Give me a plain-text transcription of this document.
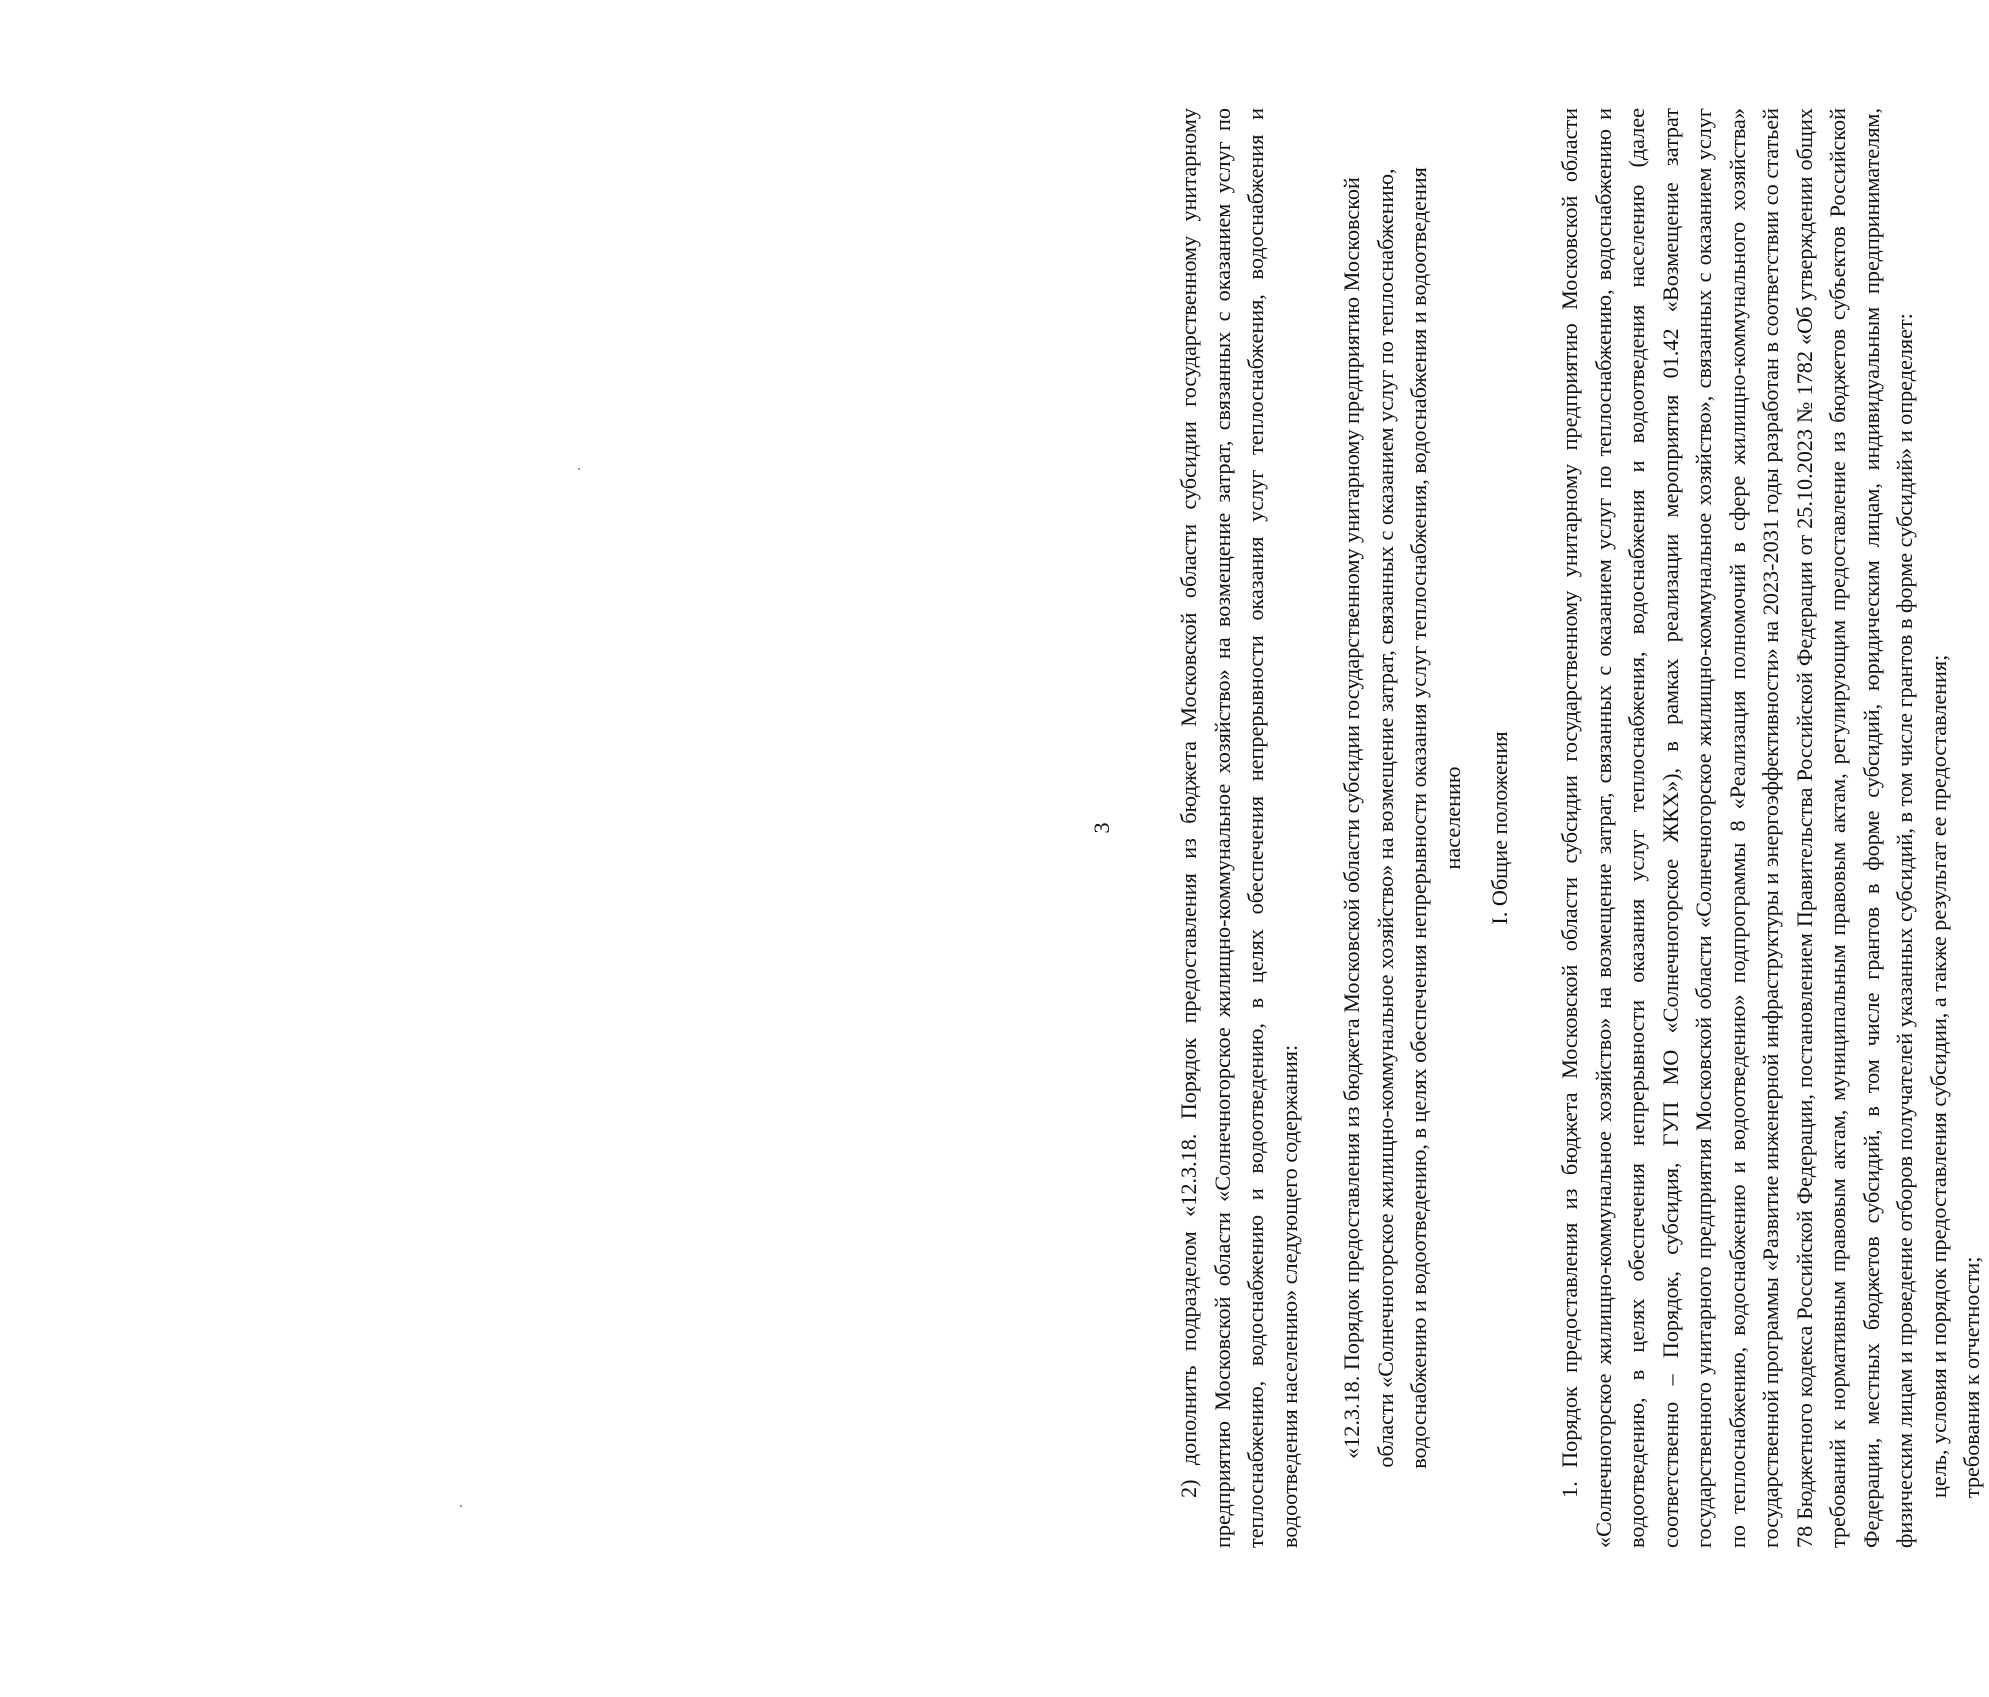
3	2) дополнить подразделом «12.3.18. Порядок предоставления из бюджета Московской области субсидии государственному унитарному предприятию Московской области «Солнечногорское жилищно-коммунальное хозяйство» на возмещение затрат, связанных с оказанием услуг по теплоснабжению, водоснабжению и водоотведению, в целях обеспечения непрерывности оказания услуг теплоснабжения, водоснабжения и водоотведения населению» следующего содержания: «12.3.18. Порядок предоставления из бюджета Московской области субсидии государственному унитарному предприятию Московской области «Солнечногорское жилищно-коммунальное хозяйство» на возмещение затрат, связанных с оказанием услуг по теплоснабжению, водоснабжению и водоотведению, в целях обеспечения непрерывности оказания услуг теплоснабжения, водоснабжения и водоотведения населению I. Общие положения 1. Порядок предоставления из бюджета Московской области субсидии государственному унитарному предприятию Московской области «Солнечногорское жилищно-коммунальное хозяйство» на возмещение затрат, связанных с оказанием услуг по теплоснабжению, водоснабжению и водоотведению, в целях обеспечения непрерывности оказания услуг теплоснабжения, водоснабжения и водоотведения населению (далее соответственно – Порядок, субсидия, ГУП МО «Солнечногорское ЖКХ»), в рамках реализации мероприятия 01.42 «Возмещение затрат государственного унитарного предприятия Московской области «Солнечногорское жилищно-коммунальное хозяйство», связанных с оказанием услуг по теплоснабжению, водоснабжению и водоотведению» подпрограммы 8 «Реализация полномочий в сфере жилищно-коммунального хозяйства» государственной программы «Развитие инженерной инфраструктуры и энергоэффективности» на 2023-2031 годы разработан в соответствии со статьей 78 Бюджетного кодекса Российской Федерации, постановлением Правительства Российской Федерации от 25.10.2023 № 1782 «Об утверждении общих требований к нормативным правовым актам, муниципальным правовым актам, регулирующим предоставление из бюджетов субъектов Российской Федерации, местных бюджетов субсидий, в том числе грантов в форме субсидий, юридическим лицам, индивидуальным предпринимателям, физическим лицам и проведение отборов получателей указанных субсидий, в том числе грантов в форме субсидий» и определяет: цель, условия и порядок предоставления субсидии, а также результат ее предоставления; требования к отчетности;
